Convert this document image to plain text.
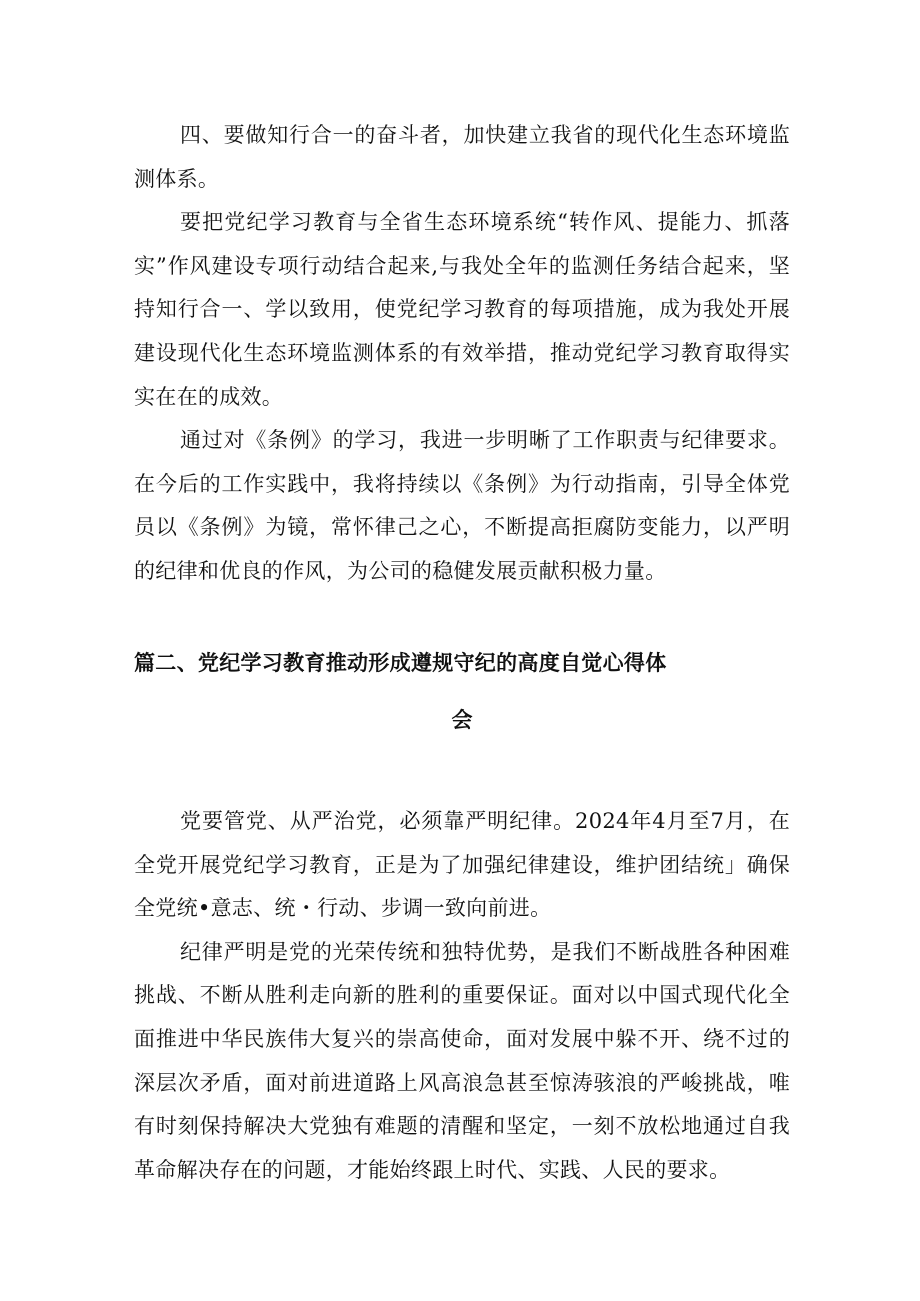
四、要做知行合一的奋斗者，加快建立我省的现代化生态环境监测体系。

要把党纪学习教育与全省生态环境系统“转作风、提能力、抓落实”作风建设专项行动结合起来,与我处全年的监测任务结合起来，坚持知行合一、学以致用，使党纪学习教育的每项措施，成为我处开展建设现代化生态环境监测体系的有效举措，推动党纪学习教育取得实实在在的成效。

通过对《条例》的学习，我进一步明晰了工作职责与纪律要求。在今后的工作实践中，我将持续以《条例》为行动指南，引导全体党员以《条例》为镜，常怀律己之心，不断提高拒腐防变能力，以严明的纪律和优良的作风，为公司的稳健发展贡献积极力量。

篇二、党纪学习教育推动形成遵规守纪的高度自觉心得体

会

党要管党、从严治党，必须靠严明纪律。2024年4月至7月，在全党开展党纪学习教育，正是为了加强纪律建设，维护团结统」确保全党统•意志、统・行动、步调一致向前进。

纪律严明是党的光荣传统和独特优势，是我们不断战胜各种困难挑战、不断从胜利走向新的胜利的重要保证。面对以中国式现代化全面推进中华民族伟大复兴的崇高使命，面对发展中躲不开、绕不过的深层次矛盾，面对前进道路上风高浪急甚至惊涛骇浪的严峻挑战，唯有时刻保持解决大党独有难题的清醒和坚定，一刻不放松地通过自我革命解决存在的问题，才能始终跟上时代、实践、人民的要求。
